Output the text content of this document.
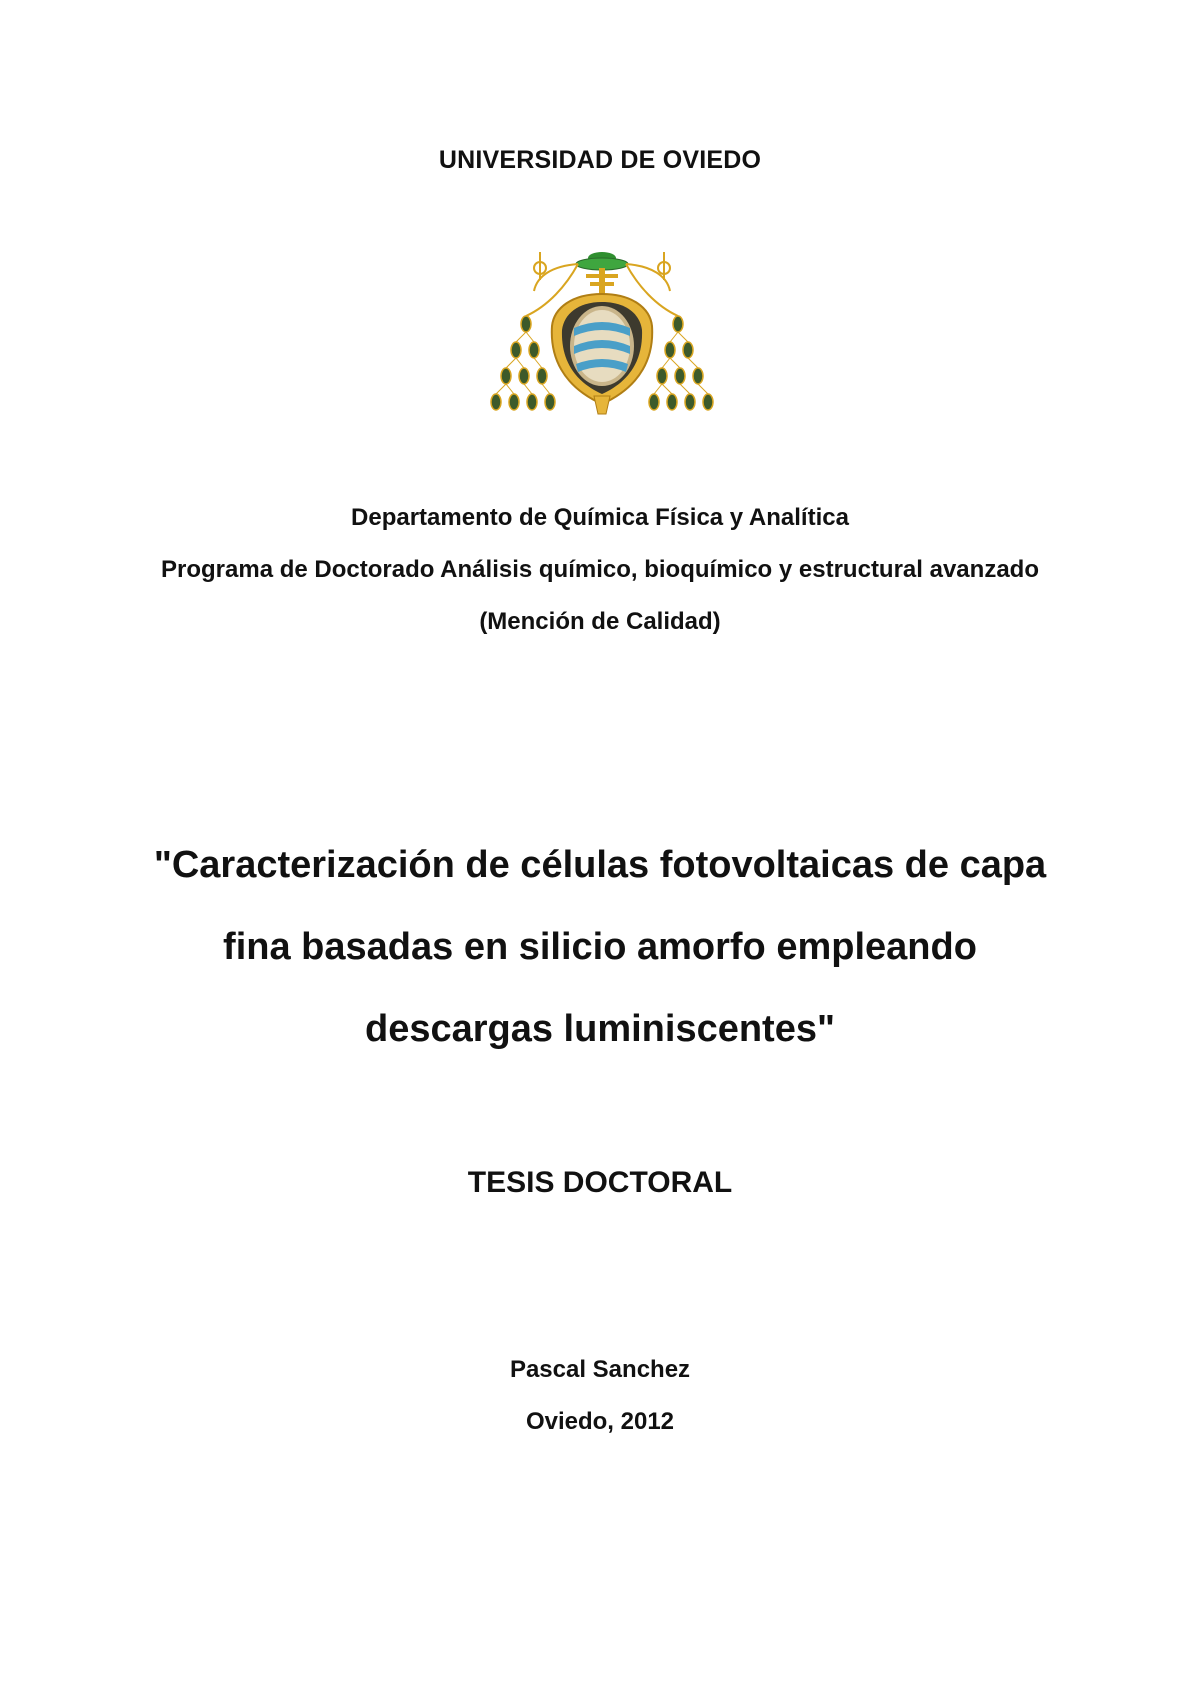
UNIVERSIDAD DE OVIEDO
Departamento de Química Física y Analítica
Programa de Doctorado Análisis químico, bioquímico y estructural avanzado
(Mención de Calidad)
"Caracterización de células fotovoltaicas de capa
fina basadas en silicio amorfo empleando
descargas luminiscentes"
TESIS DOCTORAL
Pascal Sanchez
Oviedo, 2012
